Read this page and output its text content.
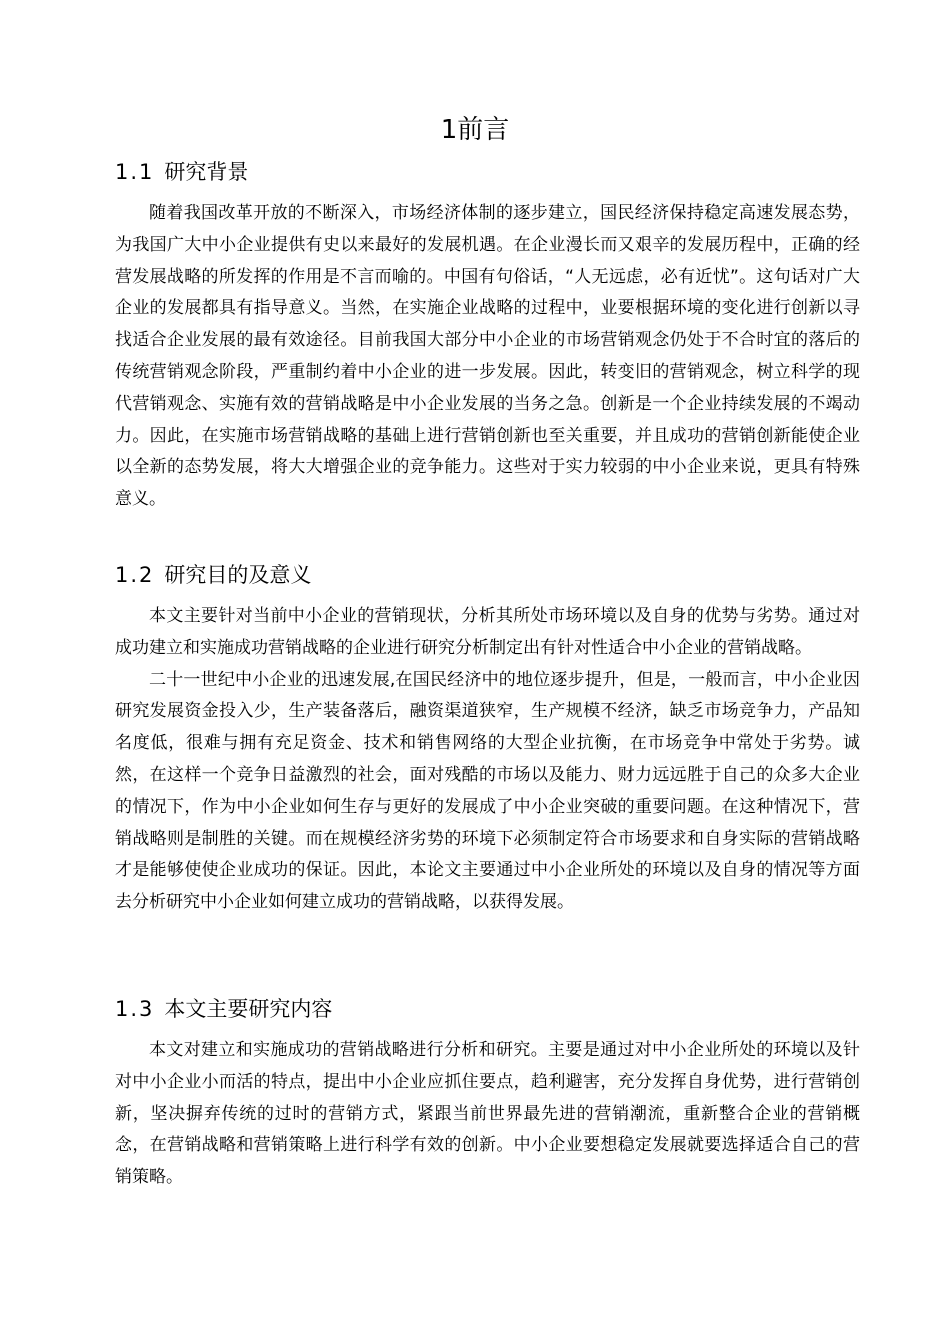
1前言
1.1 研究背景

随着我国改革开放的不断深入，市场经济体制的逐步建立，国民经济保持稳定高速发展态势，为我国广大中小企业提供有史以来最好的发展机遇。在企业漫长而又艰辛的发展历程中，正确的经营发展战略的所发挥的作用是不言而喻的。中国有句俗话，“人无远虑，必有近忧”。这句话对广大企业的发展都具有指导意义。当然，在实施企业战略的过程中，业要根据环境的变化进行创新以寻找适合企业发展的最有效途径。目前我国大部分中小企业的市场营销观念仍处于不合时宜的落后的传统营销观念阶段，严重制约着中小企业的进一步发展。因此，转变旧的营销观念，树立科学的现代营销观念、实施有效的营销战略是中小企业发展的当务之急。创新是一个企业持续发展的不竭动力。因此，在实施市场营销战略的基础上进行营销创新也至关重要，并且成功的营销创新能使企业以全新的态势发展，将大大增强企业的竞争能力。这些对于实力较弱的中小企业来说，更具有特殊意义。

1.2 研究目的及意义

本文主要针对当前中小企业的营销现状，分析其所处市场环境以及自身的优势与劣势。通过对成功建立和实施成功营销战略的企业进行研究分析制定出有针对性适合中小企业的营销战略。

二十一世纪中小企业的迅速发展,在国民经济中的地位逐步提升，但是，一般而言，中小企业因研究发展资金投入少，生产装备落后，融资渠道狭窄，生产规模不经济，缺乏市场竞争力，产品知名度低，很难与拥有充足资金、技术和销售网络的大型企业抗衡，在市场竞争中常处于劣势。诚然，在这样一个竞争日益激烈的社会，面对残酷的市场以及能力、财力远远胜于自己的众多大企业的情况下，作为中小企业如何生存与更好的发展成了中小企业突破的重要问题。在这种情况下，营销战略则是制胜的关键。而在规模经济劣势的环境下必须制定符合市场要求和自身实际的营销战略才是能够使使企业成功的保证。因此，本论文主要通过中小企业所处的环境以及自身的情况等方面去分析研究中小企业如何建立成功的营销战略，以获得发展。

1.3 本文主要研究内容

本文对建立和实施成功的营销战略进行分析和研究。主要是通过对中小企业所处的环境以及针对中小企业小而活的特点，提出中小企业应抓住要点，趋利避害，充分发挥自身优势，进行营销创新，坚决摒弃传统的过时的营销方式，紧跟当前世界最先进的营销潮流，重新整合企业的营销概念，在营销战略和营销策略上进行科学有效的创新。中小企业要想稳定发展就要选择适合自己的营销策略。
